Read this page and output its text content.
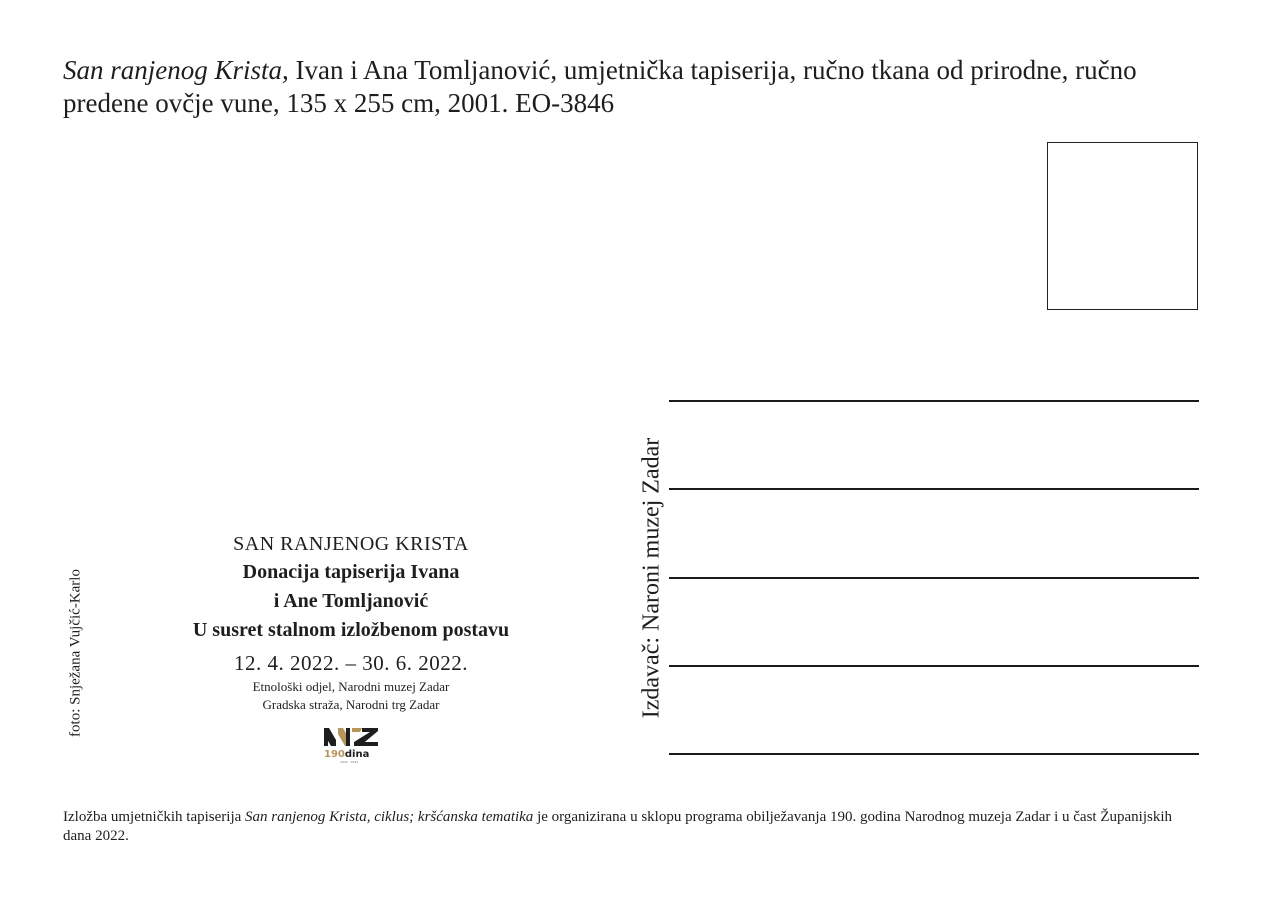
San ranjenog Krista, Ivan i Ana Tomljanović, umjetnička tapiserija, ručno tkana od prirodne, ručno predene ovčje vune, 135 x 255 cm, 2001. EO-3846
Izdavač: Naroni muzej Zadar
foto: Snježana Vujčić-Karlo
SAN RANJENOG KRISTA
Donacija tapiserija Ivana
i Ane Tomljanović
U susret stalnom izložbenom postavu
12. 4. 2022. – 30. 6. 2022.
Etnološki odjel, Narodni muzej Zadar
Gradska straža, Narodni trg Zadar
190dina
1832 - 2022
Izložba umjetničkih tapiserija San ranjenog Krista, ciklus; kršćanska tematika je organizirana u sklopu programa obilježavanja 190. godina Narodnog muzeja Zadar i u čast Županijskih dana 2022.
